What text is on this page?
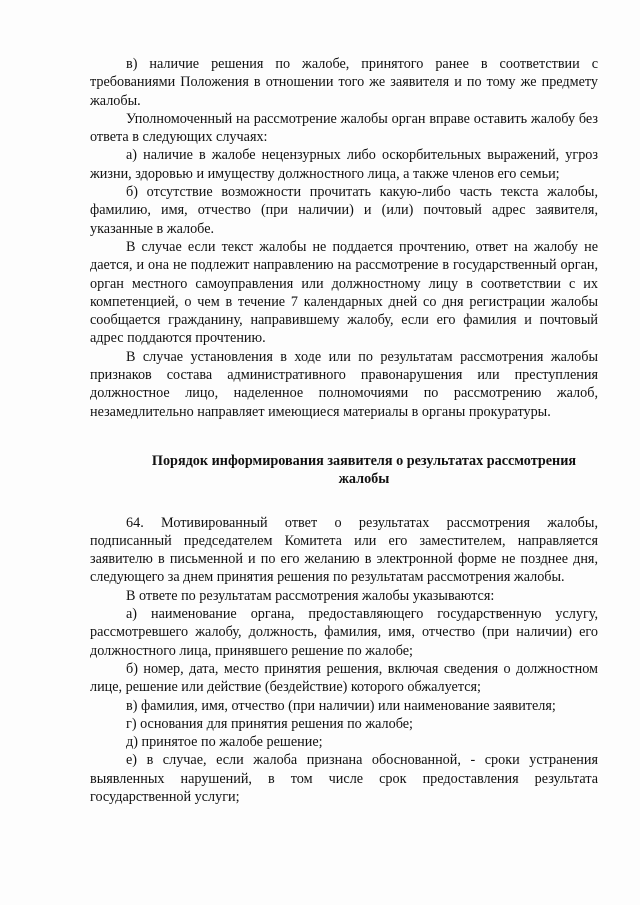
в) наличие решения по жалобе, принятого ранее в соответствии с требованиями Положения в отношении того же заявителя и по тому же предмету жалобы.

Уполномоченный на рассмотрение жалобы орган вправе оставить жалобу без ответа в следующих случаях:

а) наличие в жалобе нецензурных либо оскорбительных выражений, угроз жизни, здоровью и имуществу должностного лица, а также членов его семьи;

б) отсутствие возможности прочитать какую-либо часть текста жалобы, фамилию, имя, отчество (при наличии) и (или) почтовый адрес заявителя, указанные в жалобе.

В случае если текст жалобы не поддается прочтению, ответ на жалобу не дается, и она не подлежит направлению на рассмотрение в государственный орган, орган местного самоуправления или должностному лицу в соответствии с их компетенцией, о чем в течение 7 календарных дней со дня регистрации жалобы сообщается гражданину, направившему жалобу, если его фамилия и почтовый адрес поддаются прочтению.

В случае установления в ходе или по результатам рассмотрения жалобы признаков состава административного правонарушения или преступления должностное лицо, наделенное полномочиями по рассмотрению жалоб, незамедлительно направляет имеющиеся материалы в органы прокуратуры.

Порядок информирования заявителя о результатах рассмотрения жалобы

64. Мотивированный ответ о результатах рассмотрения жалобы, подписанный председателем Комитета или его заместителем, направляется заявителю в письменной и по его желанию в электронной форме не позднее дня, следующего за днем принятия решения по результатам рассмотрения жалобы.

В ответе по результатам рассмотрения жалобы указываются:

а) наименование органа, предоставляющего государственную услугу, рассмотревшего жалобу, должность, фамилия, имя, отчество (при наличии) его должностного лица, принявшего решение по жалобе;

б) номер, дата, место принятия решения, включая сведения о должностном лице, решение или действие (бездействие) которого обжалуется;

в) фамилия, имя, отчество (при наличии) или наименование заявителя;

г) основания для принятия решения по жалобе;

д) принятое по жалобе решение;

е) в случае, если жалоба признана обоснованной, - сроки устранения выявленных нарушений, в том числе срок предоставления результата государственной услуги;
